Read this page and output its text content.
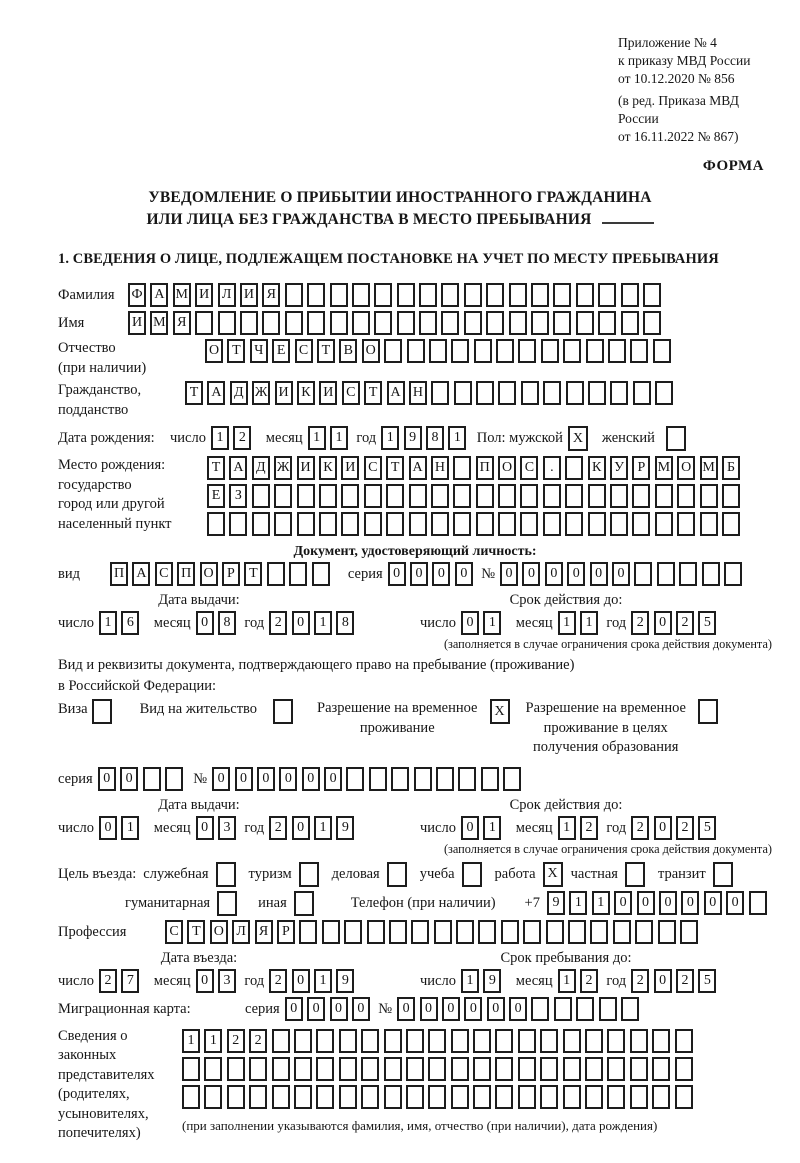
Приложение № 4
к приказу МВД России
от 10.12.2020 № 856
(в ред. Приказа МВД России
от 16.11.2022 № 867)
ФОРМА
УВЕДОМЛЕНИЕ О ПРИБЫТИИ ИНОСТРАННОГО ГРАЖДАНИНА
ИЛИ ЛИЦА БЕЗ ГРАЖДАНСТВА В МЕСТО ПРЕБЫВАНИЯ
1. СВЕДЕНИЯ О ЛИЦЕ, ПОДЛЕЖАЩЕМ ПОСТАНОВКЕ НА УЧЕТ ПО МЕСТУ ПРЕБЫВАНИЯ
Фамилия	Ф А М И Л И Я
Имя	И М Я
Отчество
(при наличии)
О Т Ч Е С Т В О
Гражданство,
подданство
Т А Д Ж И К И С Т А Н
Дата рождения:	число 1	2	месяц 1	1 год 1	9	8	1	Пол: мужской X	женский
Место рождения:
государство
город или другой
населенный пункт
Т А Д Ж И К И С Т А Н П О С	.	К У Р М О М Б
Е	З
Документ, удостоверяющий личность:
вид	П А С П О Р	Т	серия 0	0	0	0 № 0	0	0	0	0	0
Дата выдачи:
число 1	6	месяц 0	8 год 2	0	1	8
Срок действия до:
число 0	1	месяц 1	1 год 2	0	2	5
(заполняется в случае ограничения срока действия документа)
Вид и реквизиты документа, подтверждающего право на пребывание (проживание)
в Российской Федерации:
Виза	Вид на жительство	Разрешение на временное
проживание
X	Разрешение на временное
проживание в целях
получения образования
серия 0	0	№ 0	0	0	0	0	0
Дата выдачи:
число 0	1	месяц 0	3 год 2	0	1	9
Срок действия до:
число 0	1	месяц 1	2 год 2	0	2	5
(заполняется в случае ограничения срока действия документа)
Цель въезда: служебная	туризм	деловая	учеба	работа X частная	транзит
гуманитарная	иная	Телефон (при наличии) +7 9	1	1	0	0	0	0	0	0
Профессия	С Т О Л Я Р
Дата въезда:
число 2	7	месяц 0	3 год 2	0	1	9
Срок пребывания до:
число 1	9	месяц 1	2 год 2	0	2	5
Миграционная карта:	серия 0	0	0	0 № 0	0	0	0	0	0
Сведения о
законных
представителях
(родителях,
усыновителях,
попечителях)
1	1	2	2
(при заполнении указываются фамилия, имя, отчество (при наличии), дата рождения)
